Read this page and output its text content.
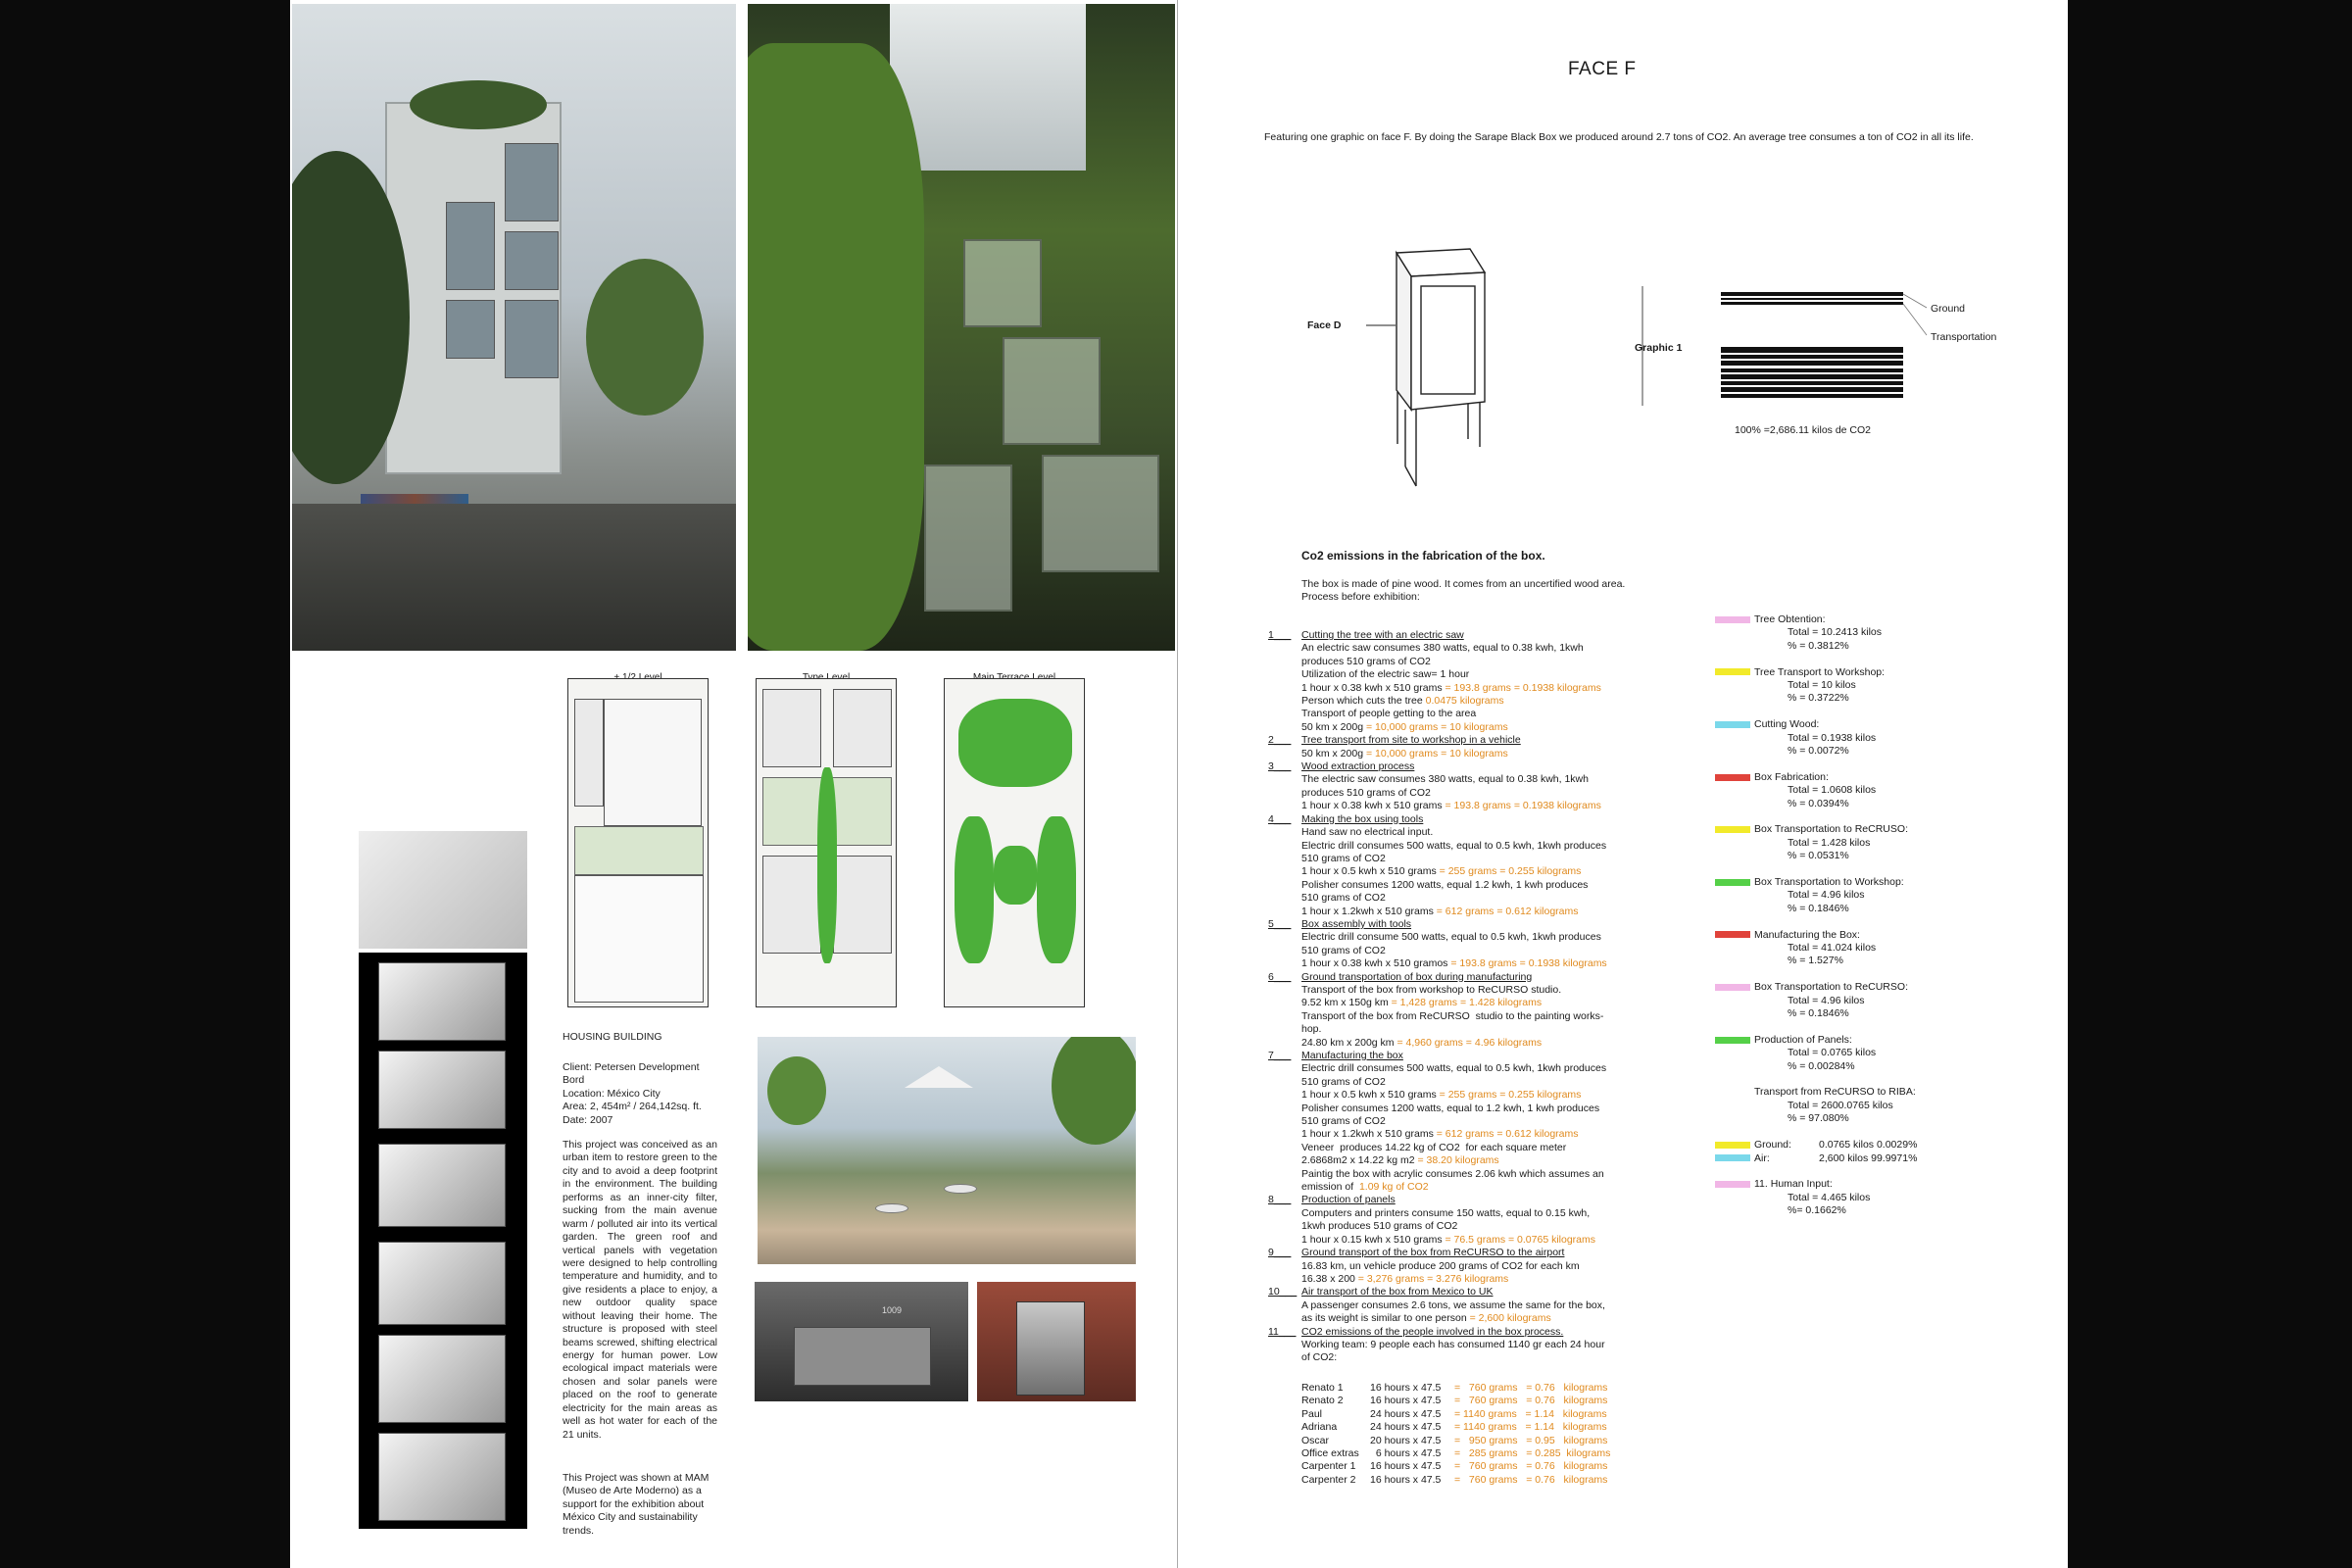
HOUSING BUILDING
Client: Petersen Development
Bord
Location: México City
Area: 2, 454m² / 264,142sq. ft.
Date: 2007
This project was conceived as an urban item to restore green to the city and to avoid a deep footprint in the environment. The building performs as an inner-city filter, sucking from the main avenue warm / polluted air into its vertical garden. The green roof and vertical panels with vegetation were designed to help controlling temperature and humidity, and to give residents a place to enjoy, a new outdoor quality space without leaving their home. The structure is proposed with steel beams screwed, shifting electrical energy for human power. Low ecological impact materials were chosen and solar panels were placed on the roof to generate electricity for the main areas as well as hot water for each of the 21 units.
This Project was shown at MAM (Museo de Arte Moderno) as a support for the exhibition about México City and sustainability trends.
1009
FACE F
Featuring one graphic on face F. By doing the Sarape Black Box we produced around 2.7 tons of CO2. An average tree consumes a ton of CO2 in all its life.
Face D
Graphic 1
Ground
Transportation
100% =2,686.11 kilos de CO2
Co2 emissions in the fabrication of the box.
The box is made of pine wood. It comes from an uncertified wood area.
Process before exhibition:
1___ Cutting the tree with an electric saw
An electric saw consumes 380 watts, equal to 0.38 kwh, 1kwh
produces 510 grams of CO2
Utilization of the electric saw= 1 hour
1 hour x 0.38 kwh x 510 grams = 193.8 grams = 0.1938 kilograms
Person which cuts the tree 0.0475 kilograms
Transport of people getting to the area
50 km x 200g = 10,000 grams = 10 kilograms
2___ Tree transport from site to workshop in a vehicle
50 km x 200g = 10,000 grams = 10 kilograms
3___ Wood extraction process
The electric saw consumes 380 watts, equal to 0.38 kwh, 1kwh
produces 510 grams of CO2
1 hour x 0.38 kwh x 510 grams = 193.8 grams = 0.1938 kilograms
4___ Making the box using tools
Hand saw no electrical input.
Electric drill consumes 500 watts, equal to 0.5 kwh, 1kwh produces
510 grams of CO2
1 hour x 0.5 kwh x 510 grams = 255 grams = 0.255 kilograms
Polisher consumes 1200 watts, equal 1.2 kwh, 1 kwh produces
510 grams of CO2
1 hour x 1.2kwh x 510 grams = 612 grams = 0.612 kilograms
5___ Box assembly with tools
Electric drill consume 500 watts, equal to 0.5 kwh, 1kwh produces
510 grams of CO2
1 hour x 0.38 kwh x 510 gramos = 193.8 grams = 0.1938 kilograms
6___ Ground transportation of box during manufacturing
Transport of the box from workshop to ReCURSO studio.
9.52 km x 150g km = 1,428 grams = 1.428 kilograms
Transport of the box from ReCURSO  studio to the painting works-
hop.
24.80 km x 200g km = 4,960 grams = 4.96 kilograms
7___ Manufacturing the box
Electric drill consumes 500 watts, equal to 0.5 kwh, 1kwh produces
510 grams of CO2
1 hour x 0.5 kwh x 510 grams = 255 grams = 0.255 kilograms
Polisher consumes 1200 watts, equal to 1.2 kwh, 1 kwh produces
510 grams of CO2
1 hour x 1.2kwh x 510 grams = 612 grams = 0.612 kilograms
Veneer  produces 14.22 kg of CO2  for each square meter
2.6868m2 x 14.22 kg m2 = 38.20 kilograms
Paintig the box with acrylic consumes 2.06 kwh which assumes an
emission of  1.09 kg of CO2
8___ Production of panels
Computers and printers consume 150 watts, equal to 0.15 kwh,
1kwh produces 510 grams of CO2
1 hour x 0.15 kwh x 510 grams = 76.5 grams = 0.0765 kilograms
9___ Ground transport of the box from ReCURSO to the airport
16.83 km, un vehicle produce 200 grams of CO2 for each km
16.38 x 200 = 3,276 grams = 3.276 kilograms
10___ Air transport of the box from Mexico to UK
A passenger consumes 2.6 tons, we assume the same for the box,
as its weight is similar to one person = 2,600 kilograms
11___ CO2 emissions of the people involved in the box process.
Working team: 9 people each has consumed 1140 gr each 24 hour
of CO2:
Renato 1	16 hours x 47.5	=   760 grams   = 0.76   kilograms
Renato 2	16 hours x 47.5	=   760 grams   = 0.76   kilograms
Paul	24 hours x 47.5	= 1140 grams   = 1.14   kilograms
Adriana	24 hours x 47.5	= 1140 grams   = 1.14   kilograms
Oscar	20 hours x 47.5	=   950 grams   = 0.95   kilograms
Office extras	6 hours x 47.5	=   285 grams   = 0.285  kilograms
Carpenter 1	16 hours x 47.5	=   760 grams   = 0.76   kilograms
Carpenter 2	16 hours x 47.5	=   760 grams   = 0.76   kilograms
Tree Obtention:
Total = 10.2413 kilos
% = 0.3812%
Tree Transport to Workshop:
Total = 10 kilos
% = 0.3722%
Cutting Wood:
Total = 0.1938 kilos
% = 0.0072%
Box Fabrication:
Total = 1.0608 kilos
% = 0.0394%
Box Transportation to ReCRUSO:
Total = 1.428 kilos
% = 0.0531%
Box Transportation to Workshop:
Total = 4.96 kilos
% = 0.1846%
Manufacturing the Box:
Total = 41.024 kilos
% = 1.527%
Box Transportation to ReCURSO:
Total = 4.96 kilos
% = 0.1846%
Production of Panels:
Total = 0.0765 kilos
% = 0.00284%
Transport from ReCURSO to RIBA:
Total = 2600.0765 kilos
% = 97.080%
Ground:	0.0765 kilos 0.0029%
Air:	2,600 kilos 99.9971%
11. Human Input:
Total = 4.465 kilos
%= 0.1662%
